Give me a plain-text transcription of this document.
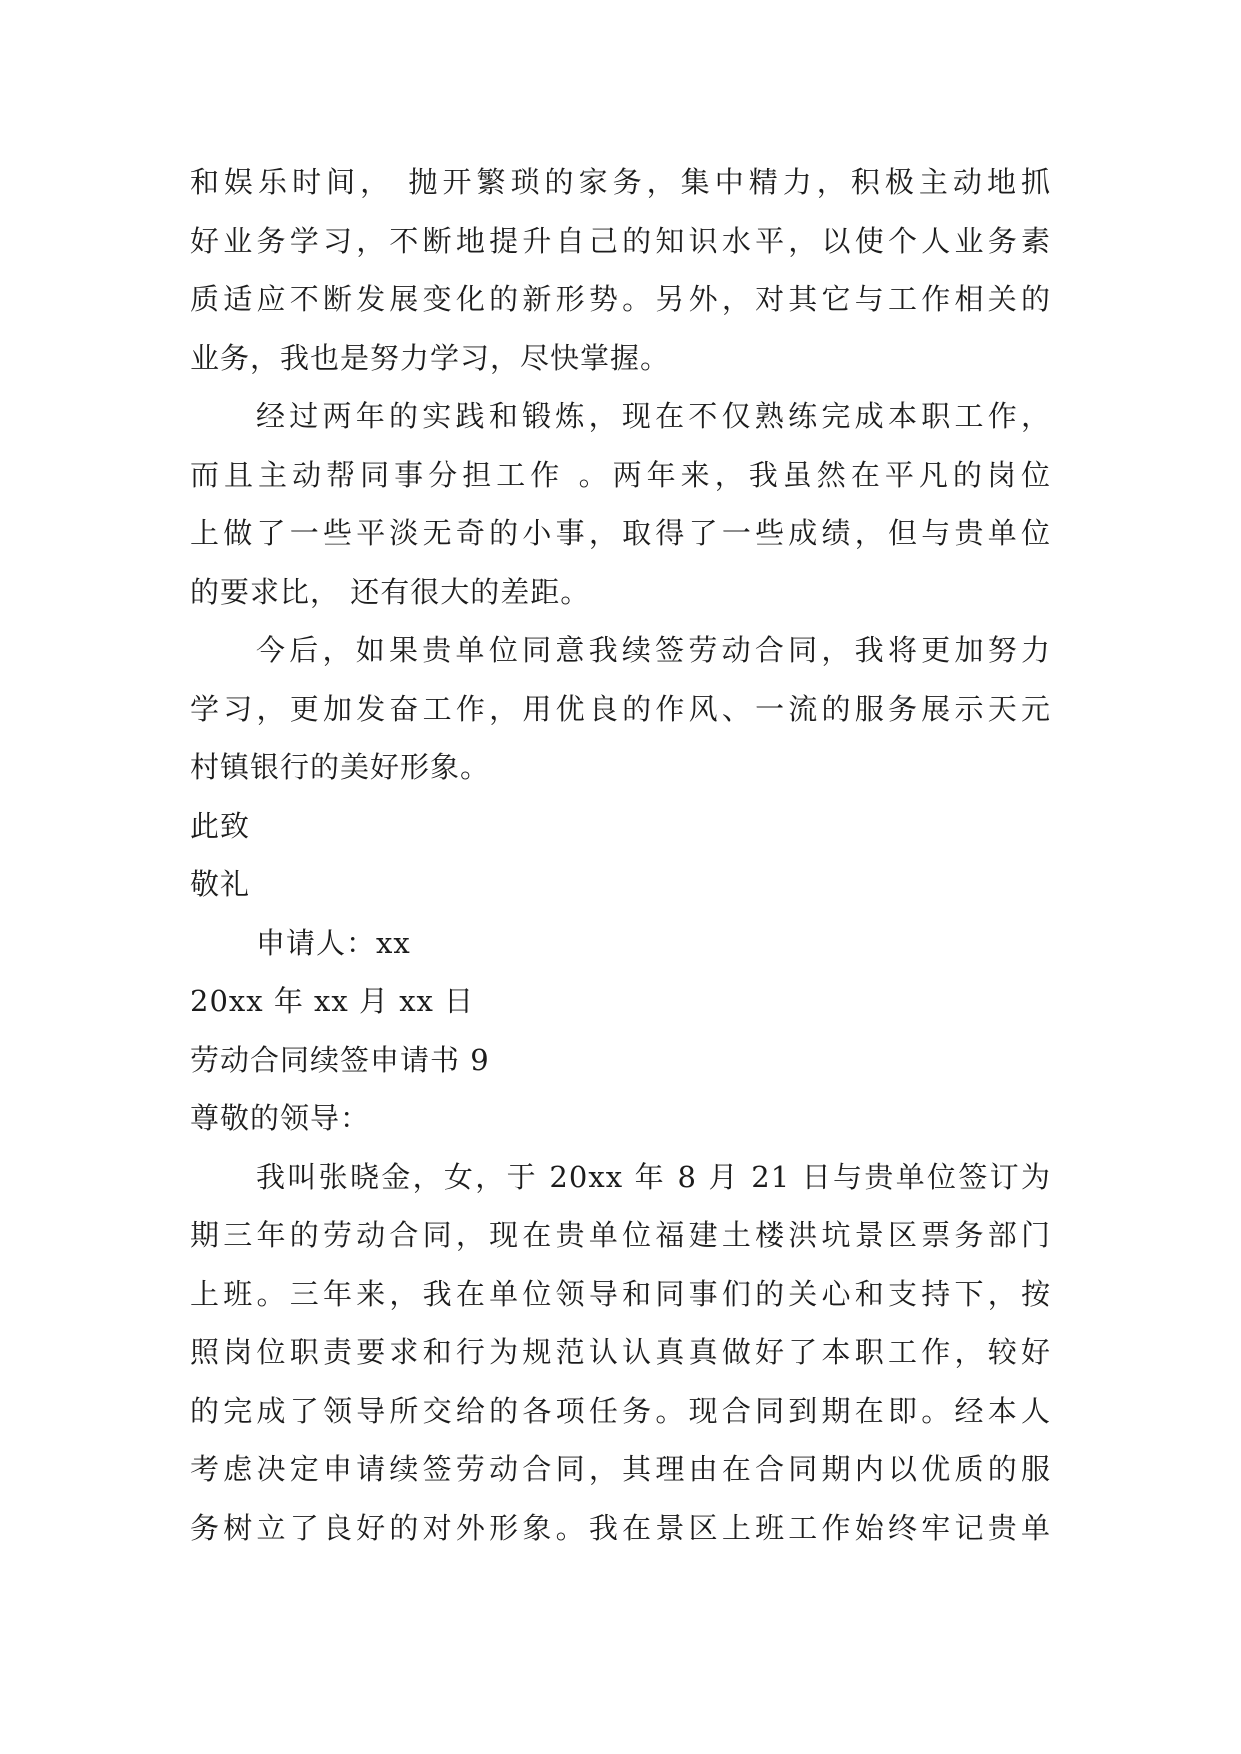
和娱乐时间， 抛开繁琐的家务，集中精力，积极主动地抓
好业务学习，不断地提升自己的知识水平，以使个人业务素
质适应不断发展变化的新形势。另外，对其它与工作相关的
业务，我也是努力学习，尽快掌握。
经过两年的实践和锻炼，现在不仅熟练完成本职工作，
而且主动帮同事分担工作 。两年来，我虽然在平凡的岗位
上做了一些平淡无奇的小事，取得了一些成绩，但与贵单位
的要求比， 还有很大的差距。
今后，如果贵单位同意我续签劳动合同，我将更加努力
学习，更加发奋工作，用优良的作风、一流的服务展示天元
村镇银行的美好形象。
此致
敬礼
申请人：xx
20xx 年 xx 月 xx 日
劳动合同续签申请书 9
尊敬的领导：
我叫张晓金，女，于 20xx 年 8 月 21 日与贵单位签订为
期三年的劳动合同，现在贵单位福建土楼洪坑景区票务部门
上班。三年来，我在单位领导和同事们的关心和支持下，按
照岗位职责要求和行为规范认认真真做好了本职工作，较好
的完成了领导所交给的各项任务。现合同到期在即。经本人
考虑决定申请续签劳动合同，其理由在合同期内以优质的服
务树立了良好的对外形象。我在景区上班工作始终牢记贵单
